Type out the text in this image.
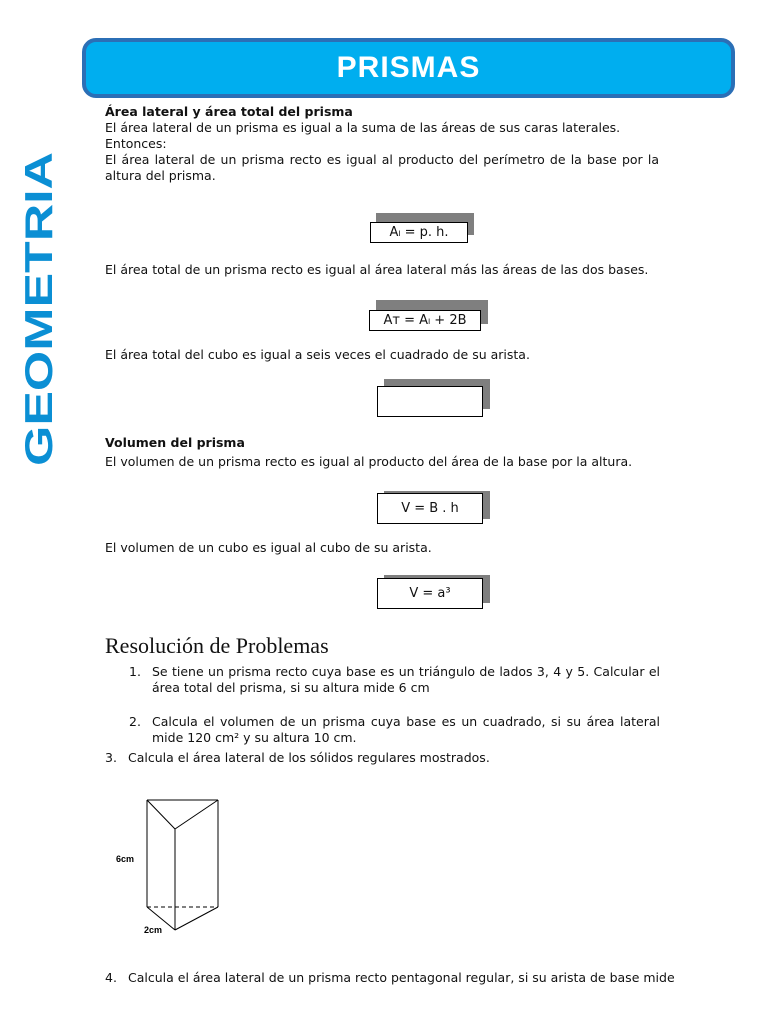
PRISMAS
GEOMETRIA

Área lateral y área total del prisma

El área lateral de un prisma es igual a la suma de las áreas de sus caras laterales.

Entonces:

El área lateral de un prisma recto es igual al producto del perímetro de la base por la altura del prisma.

Aₗ = p. h.
El área total de un prisma recto es igual al área lateral más las áreas de las dos bases.
Aᴛ = Aₗ + 2B
El área total del cubo es igual a seis veces el cuadrado de su arista.
Volumen del prisma
El volumen de un prisma recto es igual al producto del área de la base por la altura.
V = B . h
El volumen de un cubo es igual al cubo de su arista.
V = a³
Resolución de Problemas
1. Se tiene un prisma recto cuya base es un triángulo de lados 3, 4 y 5. Calcular el área total del prisma, si su altura mide 6 cm
2. Calcula el volumen de un prisma cuya base es un cuadrado, si su área lateral mide 120 cm² y su altura 10 cm.
3. Calcula el área lateral de los sólidos regulares mostrados.
6cm
2cm
4. Calcula el área lateral de un prisma recto pentagonal regular, si su arista de base mide
